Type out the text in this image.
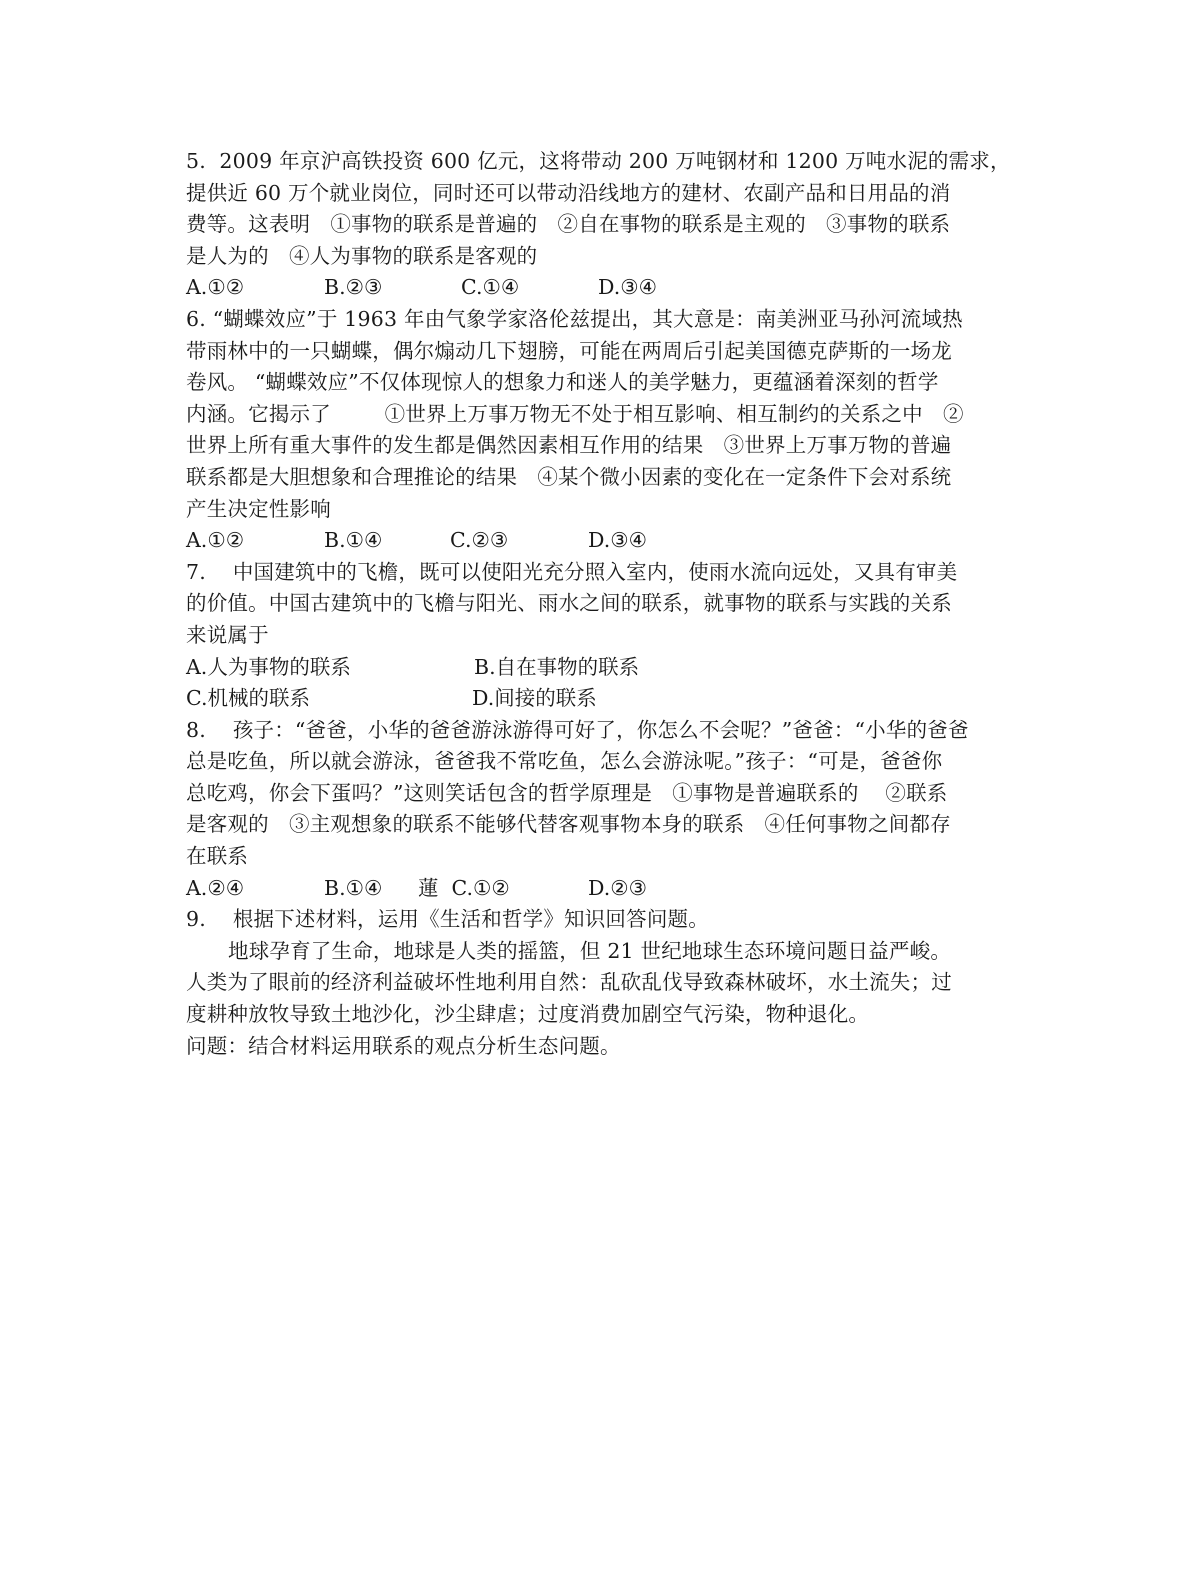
5.  2009 年京沪高铁投资 600 亿元，这将带动 200 万吨钢材和 1200 万吨水泥的需求，
提供近 60 万个就业岗位，同时还可以带动沿线地方的建材、农副产品和日用品的消
费等。这表明   ①事物的联系是普遍的   ②自在事物的联系是主观的   ③事物的联系
是人为的   ④人为事物的联系是客观的

A.①②

	B.②③

	C.①④

	D.③④

6. “蝴蝶效应”于 1963 年由气象学家洛伦兹提出，其大意是：南美洲亚马孙河流域热
带雨林中的一只蝴蝶，偶尔煽动几下翅膀，可能在两周后引起美国德克萨斯的一场龙
卷风。 “蝴蝶效应”不仅体现惊人的想象力和迷人的美学魅力，更蕴涵着深刻的哲学
内涵。它揭示了        ①世界上万事万物无不处于相互影响、相互制约的关系之中   ②
世界上所有重大事件的发生都是偶然因素相互作用的结果   ③世界上万事万物的普遍
联系都是大胆想象和合理推论的结果   ④某个微小因素的变化在一定条件下会对系统
产生决定性影响

A.①②

	B.①④

	C.②③

	D.③④

7.    中国建筑中的飞檐，既可以使阳光充分照入室内，使雨水流向远处，又具有审美
的价值。中国古建筑中的飞檐与阳光、雨水之间的联系，就事物的联系与实践的关系
来说属于

A.人为事物的联系

	B.自在事物的联系

C.机械的联系

	D.间接的联系

8.    孩子：“爸爸，小华的爸爸游泳游得可好了，你怎么不会呢？”爸爸：“小华的爸爸
总是吃鱼，所以就会游泳，爸爸我不常吃鱼，怎么会游泳呢。”孩子：“可是，爸爸你
总吃鸡，你会下蛋吗？”这则笑话包含的哲学原理是   ①事物是普遍联系的    ②联系
是客观的   ③主观想象的联系不能够代替客观事物本身的联系   ④任何事物之间都存
在联系

A.②④

	B.①④

蓮  C.①②

	D.②③

9.    根据下述材料，运用《生活和哲学》知识回答问题。
地球孕育了生命，地球是人类的摇篮，但 21 世纪地球生态环境问题日益严峻。
人类为了眼前的经济利益破坏性地利用自然：乱砍乱伐导致森林破坏，水土流失；过
度耕种放牧导致土地沙化，沙尘肆虐；过度消费加剧空气污染，物种退化。
问题：结合材料运用联系的观点分析生态问题。
